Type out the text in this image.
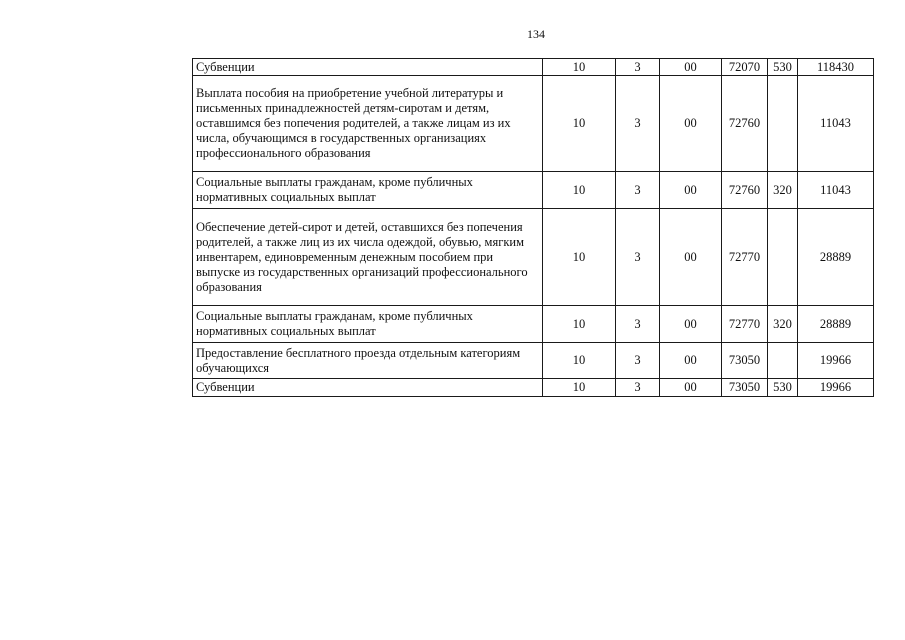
134
Субвенции	10	3	00	72070	530	118430
Выплата пособия на приобретение учебной литературы и письменных принадлежностей детям-сиротам и детям, оставшимся без попечения родителей, а также лицам из их числа, обучающимся в государственных организациях профессионального образования	10	3	00	72760		11043
Социальные выплаты гражданам, кроме публичных нормативных социальных выплат	10	3	00	72760	320	11043
Обеспечение детей-сирот и детей, оставшихся без попечения родителей, а также лиц из их числа одеждой, обувью, мягким инвентарем, единовременным денежным пособием при выпуске из государственных организаций профессионального образования	10	3	00	72770		28889
Социальные выплаты гражданам, кроме публичных нормативных социальных выплат	10	3	00	72770	320	28889
Предоставление бесплатного проезда отдельным категориям обучающихся	10	3	00	73050		19966
Субвенции	10	3	00	73050	530	19966
